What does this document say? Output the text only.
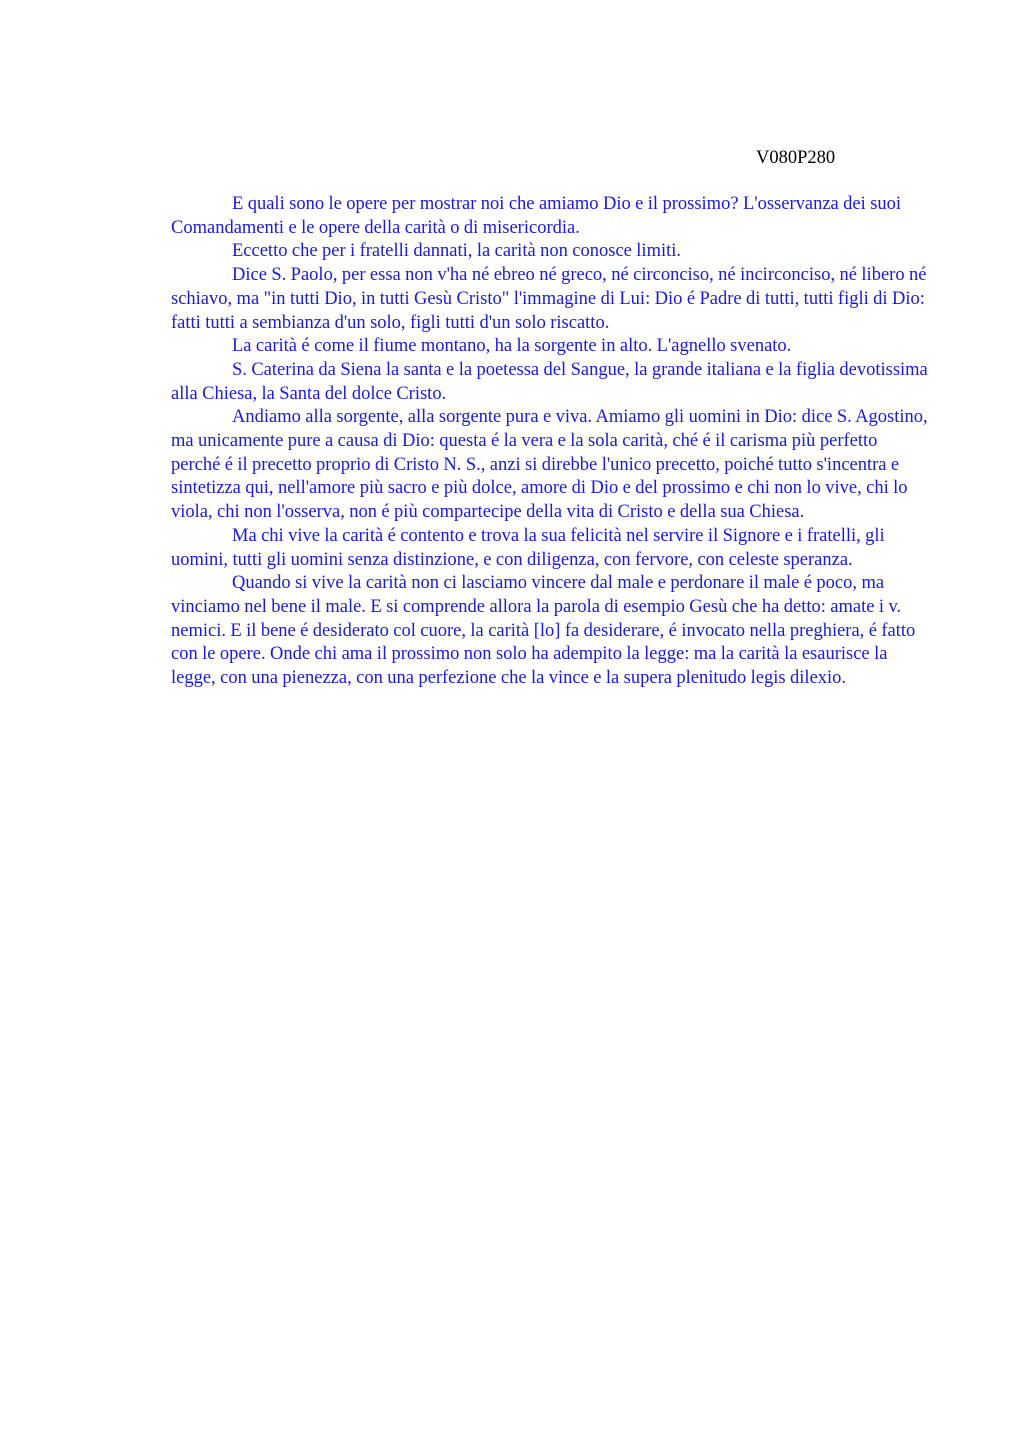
V080P280

E quali sono le opere per mostrar noi che amiamo Dio e il prossimo? L'osservanza dei suoi Comandamenti e le opere della carità o di misericordia.

Eccetto che per i fratelli dannati, la carità non conosce limiti.

Dice S. Paolo, per essa non v'ha né ebreo né greco, né circonciso, né incirconciso, né libero né schiavo, ma "in tutti Dio, in tutti Gesù Cristo" l'immagine di Lui: Dio é Padre di tutti, tutti figli di Dio: fatti tutti a sembianza d'un solo, figli tutti d'un solo riscatto.

La carità é come il fiume montano, ha la sorgente in alto. L'agnello svenato.

S. Caterina da Siena la santa e la poetessa del Sangue, la grande italiana e la figlia devotissima alla Chiesa, la Santa del dolce Cristo.

Andiamo alla sorgente, alla sorgente pura e viva. Amiamo gli uomini in Dio: dice S. Agostino, ma unicamente pure a causa di Dio: questa é la vera e la sola carità, ché é il carisma più perfetto perché é il precetto proprio di Cristo N. S., anzi si direbbe l'unico precetto, poiché tutto s'incentra e sintetizza qui, nell'amore più sacro e più dolce, amore di Dio e del prossimo e chi non lo vive, chi lo viola, chi non l'osserva, non é più compartecipe della vita di Cristo e della sua Chiesa.

Ma chi vive la carità é contento e trova la sua felicità nel servire il Signore e i fratelli, gli uomini, tutti gli uomini senza distinzione, e con diligenza, con fervore, con celeste speranza.

Quando si vive la carità non ci lasciamo vincere dal male e perdonare il male é poco, ma vinciamo nel bene il male. E si comprende allora la parola di esempio Gesù che ha detto: amate i v. nemici. E il bene é desiderato col cuore, la carità [lo] fa desiderare, é invocato nella preghiera, é fatto con le opere. Onde chi ama il prossimo non solo ha adempito la legge: ma la carità la esaurisce la legge, con una pienezza, con una perfezione che la vince e la supera plenitudo legis dilexio.
